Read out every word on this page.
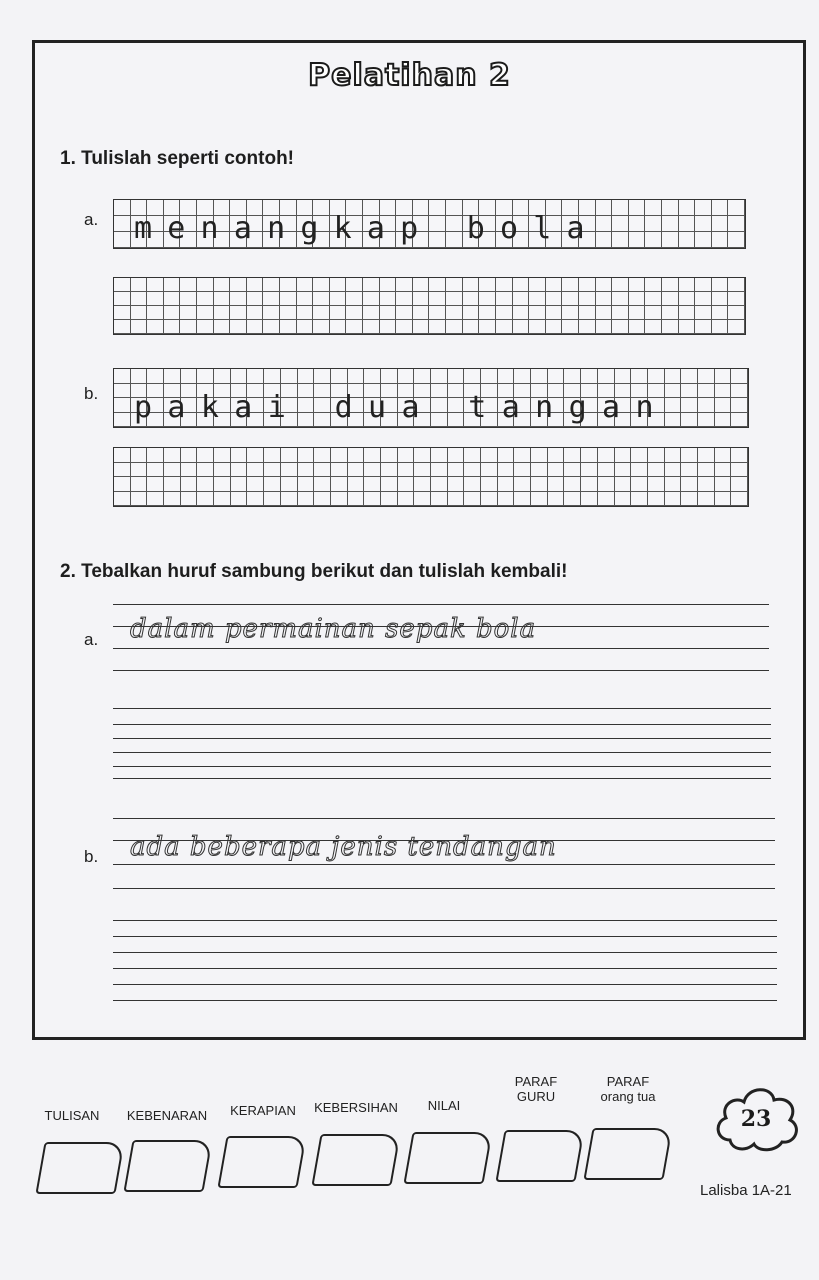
Pelatihan 2
1. Tulislah seperti contoh!
a. menangkap bola
b. pakai dua tangan
2. Tebalkan huruf sambung berikut dan tulislah kembali!
a. dalam permainan sepak bola
b. ada beberapa jenis tendangan
TULISAN KEBENARAN KERAPIAN KEBERSIHAN	NILAI
PARAF
GURU
PARAF
orang tua
23
Lalisba 1A-21
